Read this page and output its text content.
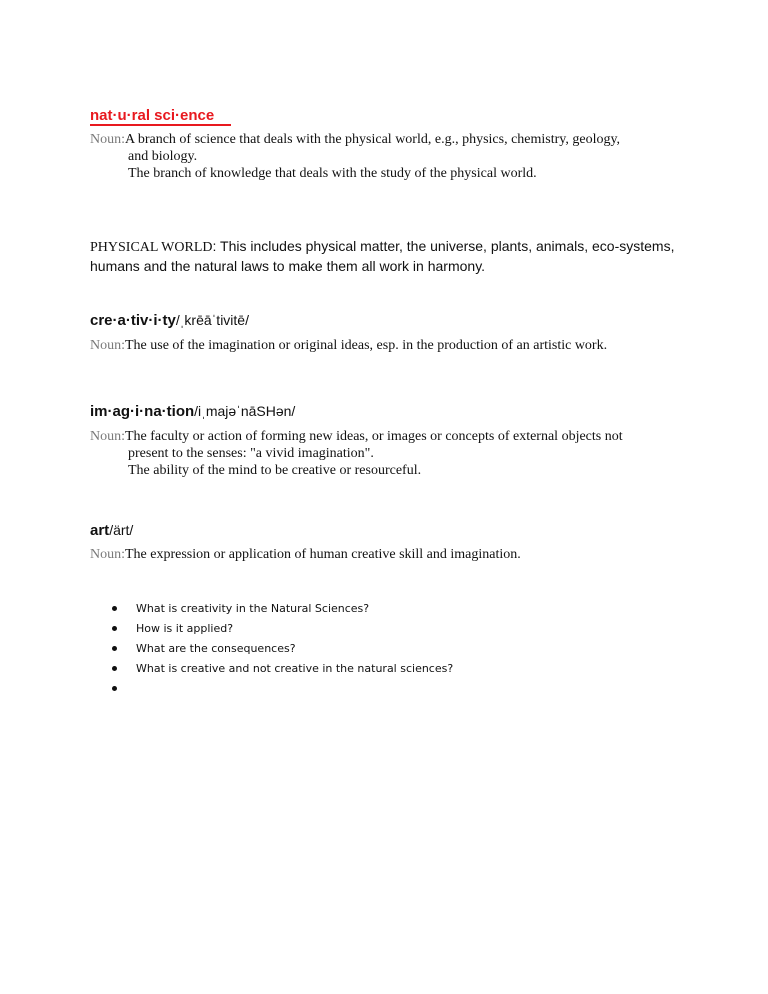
nat·u·ral sci·ence
Noun:A branch of science that deals with the physical world, e.g., physics, chemistry, geology,
and biology.
The branch of knowledge that deals with the study of the physical world.
PHYSICAL WORLD: This includes physical matter, the universe, plants, animals, eco-systems, humans and the natural laws to make them all work in harmony.
cre·a·tiv·i·ty/ˌkrēāˈtivitē/
Noun:The use of the imagination or original ideas, esp. in the production of an artistic work.
im·ag·i·na·tion/iˌmajəˈnāSHən/
Noun:The faculty or action of forming new ideas, or images or concepts of external objects not
present to the senses: "a vivid imagination".
The ability of the mind to be creative or resourceful.
art/ärt/
Noun:The expression or application of human creative skill and imagination.
What is creativity in the Natural Sciences?
How is it applied?
What are the consequences?
What is creative and not creative in the natural sciences?
